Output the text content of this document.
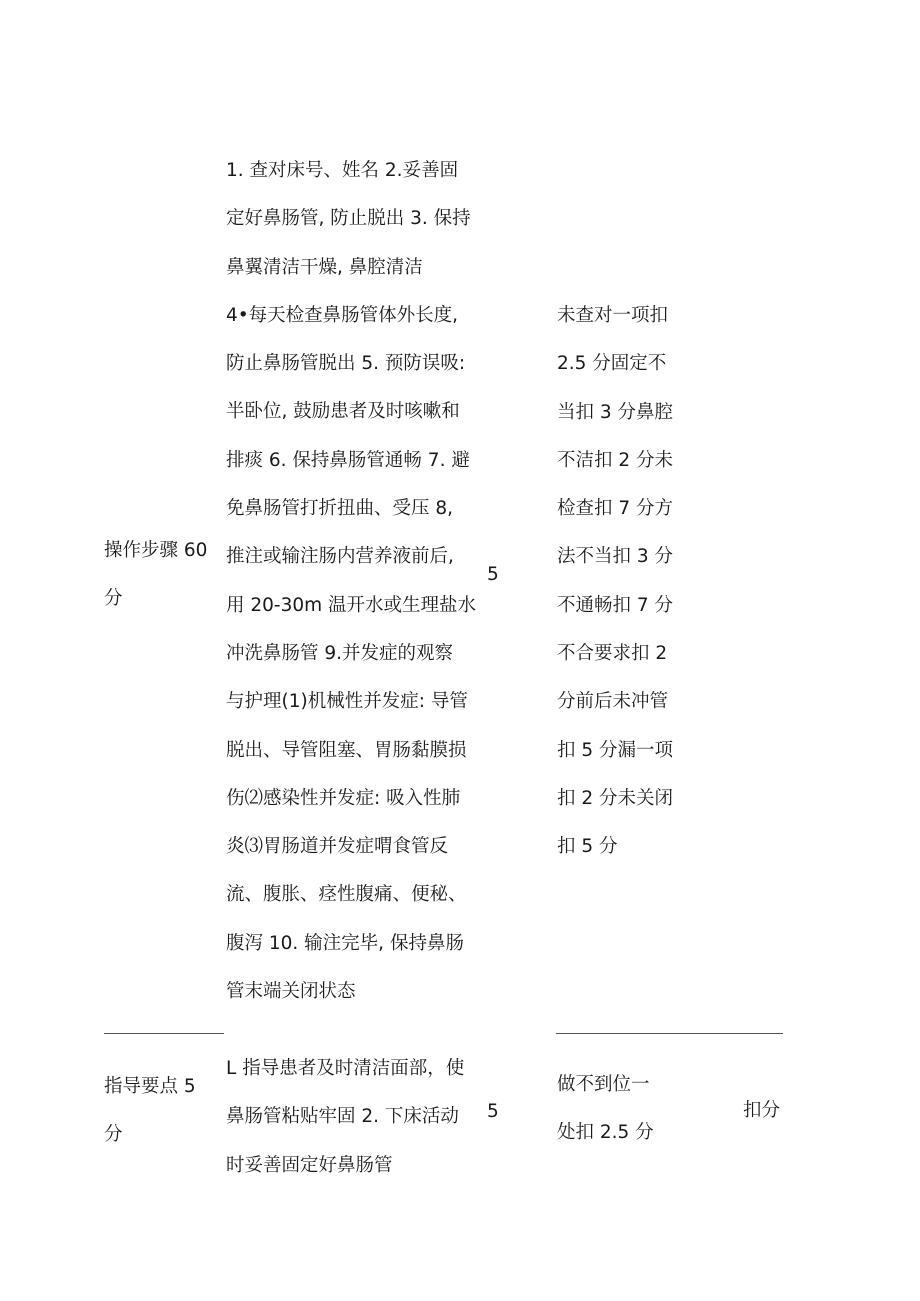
操作步骤 60
分
1. 查对床号、姓名 2.妥善固
定好鼻肠管, 防止脱出 3. 保持
鼻翼清洁干燥, 鼻腔清洁
4•每天检查鼻肠管体外长度,
防止鼻肠管脱出 5. 预防误吸:
半卧位, 鼓励患者及时咳嗽和
排痰 6. 保持鼻肠管通畅 7. 避
免鼻肠管打折扭曲、受压 8,
推注或输注肠内营养液前后,
用 20-30m 温开水或生理盐水
冲洗鼻肠管 9.并发症的观察
与护理(1)机械性并发症: 导管
脱出、导管阻塞、胃肠黏膜损
伤⑵感染性并发症: 吸入性肺
炎⑶胃肠道并发症喟食管反
流、腹胀、痉性腹痛、便秘、
腹泻 10. 输注完毕, 保持鼻肠
管末端关闭状态
5
未查对一项扣
2.5 分固定不
当扣 3 分鼻腔
不洁扣 2 分未
检查扣 7 分方
法不当扣 3 分
不通畅扣 7 分
不合要求扣 2
分前后未冲管
扣 5 分漏一项
扣 2 分未关闭
扣 5 分
指导要点 5
分
L 指导患者及时清洁面部，使
鼻肠管粘贴牢固 2. 下床活动
时妥善固定好鼻肠管
5
做不到位一
处扣 2.5 分
扣分
